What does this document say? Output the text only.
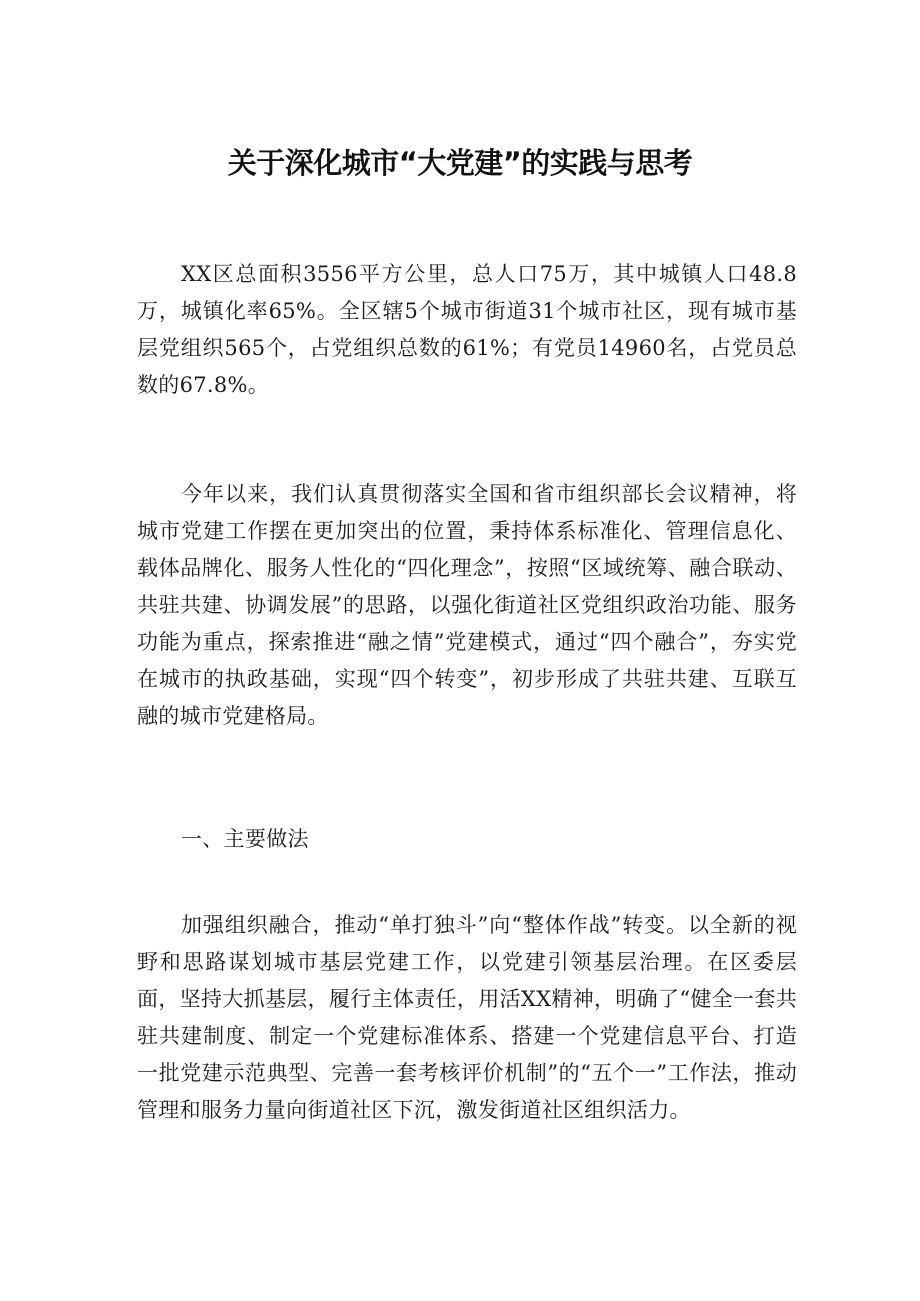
关于深化城市“大党建”的实践与思考

XX区总面积3556平方公里，总人口75万，其中城镇人口48.8万，城镇化率65%。全区辖5个城市街道31个城市社区，现有城市基层党组织565个，占党组织总数的61%；有党员14960名，占党员总数的67.8%。

今年以来，我们认真贯彻落实全国和省市组织部长会议精神，将城市党建工作摆在更加突出的位置，秉持体系标准化、管理信息化、载体品牌化、服务人性化的“四化理念”，按照“区域统筹、融合联动、共驻共建、协调发展”的思路，以强化街道社区党组织政治功能、服务功能为重点，探索推进“融之情”党建模式，通过“四个融合”，夯实党在城市的执政基础，实现“四个转变”，初步形成了共驻共建、互联互融的城市党建格局。

一、主要做法

加强组织融合，推动“单打独斗”向“整体作战”转变。以全新的视野和思路谋划城市基层党建工作，以党建引领基层治理。在区委层面，坚持大抓基层，履行主体责任，用活XX精神，明确了“健全一套共驻共建制度、制定一个党建标准体系、搭建一个党建信息平台、打造一批党建示范典型、完善一套考核评价机制”的“五个一”工作法，推动管理和服务力量向街道社区下沉，激发街道社区组织活力。
